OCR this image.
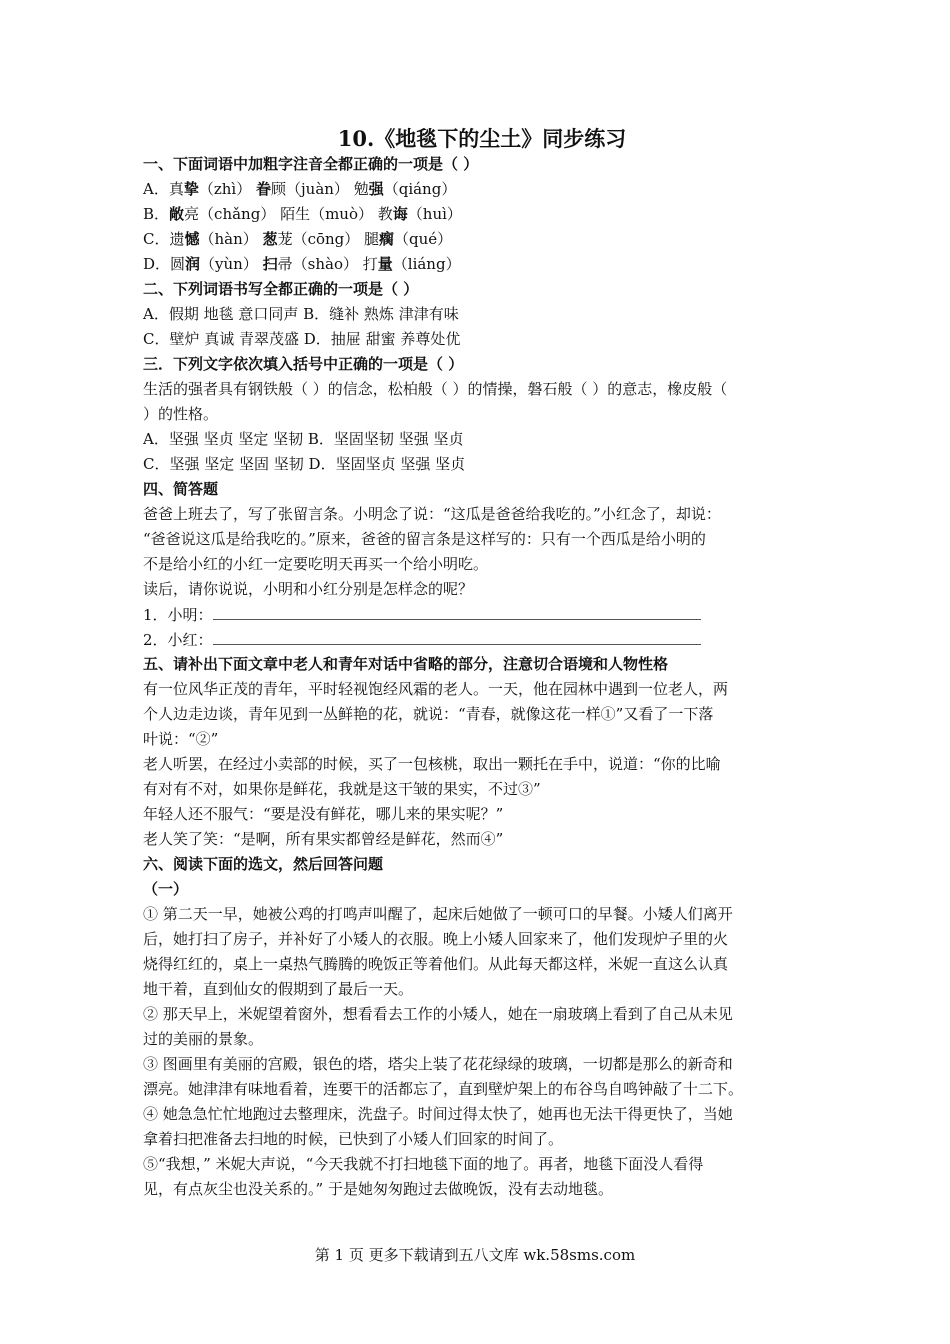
10.《地毯下的尘土》同步练习
一、下面词语中加粗字注音全都正确的一项是（ ）
A．真挚（zhì） 眷顾（juàn） 勉强（qiáng）
B．敞亮（chǎng） 陌生（muò） 教诲（huì）
C．遗憾（hàn） 葱茏（cōng） 腿瘸（qué）
D．圆润（yùn） 扫帚（shào） 打量（liáng）
二、下列词语书写全都正确的一项是（ ）
A．假期 地毯 意口同声 B．缝补 熟炼 津津有味
C．壁炉 真诚 青翠茂盛 D．抽屉 甜蜜 养尊处优
三．下列文字依次填入括号中正确的一项是（ ）
生活的强者具有钢铁般（ ）的信念，松柏般（ ）的情操，磐石般（ ）的意志，橡皮般（
）的性格。
A．坚强 坚贞 坚定 坚韧 B．坚固坚韧 坚强 坚贞
C．坚强 坚定 坚固 坚韧 D．坚固坚贞 坚强 坚贞
四、简答题
爸爸上班去了，写了张留言条。小明念了说：“这瓜是爸爸给我吃的。”小红念了，却说：
“爸爸说这瓜是给我吃的。”原来，爸爸的留言条是这样写的：只有一个西瓜是给小明的
不是给小红的小红一定要吃明天再买一个给小明吃。
读后，请你说说，小明和小红分别是怎样念的呢？
1．小明：
2．小红：
五、请补出下面文章中老人和青年对话中省略的部分，注意切合语境和人物性格
有一位风华正茂的青年，平时轻视饱经风霜的老人。一天，他在园林中遇到一位老人，两
个人边走边谈，青年见到一丛鲜艳的花，就说：“青春，就像这花一样①”又看了一下落
叶说：“②”
老人听罢，在经过小卖部的时候，买了一包核桃，取出一颗托在手中，说道：“你的比喻
有对有不对，如果你是鲜花，我就是这干皱的果实，不过③”
年轻人还不服气：“要是没有鲜花，哪儿来的果实呢？”
老人笑了笑：“是啊，所有果实都曾经是鲜花，然而④”
六、阅读下面的选文，然后回答问题
（一）
① 第二天一早，她被公鸡的打鸣声叫醒了，起床后她做了一顿可口的早餐。小矮人们离开
后，她打扫了房子，并补好了小矮人的衣服。晚上小矮人回家来了，他们发现炉子里的火
烧得红红的，桌上一桌热气腾腾的晚饭正等着他们。从此每天都这样，米妮一直这么认真
地干着，直到仙女的假期到了最后一天。
② 那天早上，米妮望着窗外，想看看去工作的小矮人，她在一扇玻璃上看到了自己从未见
过的美丽的景象。
③ 图画里有美丽的宫殿，银色的塔，塔尖上装了花花绿绿的玻璃，一切都是那么的新奇和
漂亮。她津津有味地看着，连要干的活都忘了，直到壁炉架上的布谷鸟自鸣钟敲了十二下。
④ 她急急忙忙地跑过去整理床，洗盘子。时间过得太快了，她再也无法干得更快了，当她
拿着扫把准备去扫地的时候，已快到了小矮人们回家的时间了。
⑤“我想，” 米妮大声说，“今天我就不打扫地毯下面的地了。再者，地毯下面没人看得
见，有点灰尘也没关系的。” 于是她匆匆跑过去做晚饭，没有去动地毯。
第 1 页 更多下载请到五八文库 wk.58sms.com
